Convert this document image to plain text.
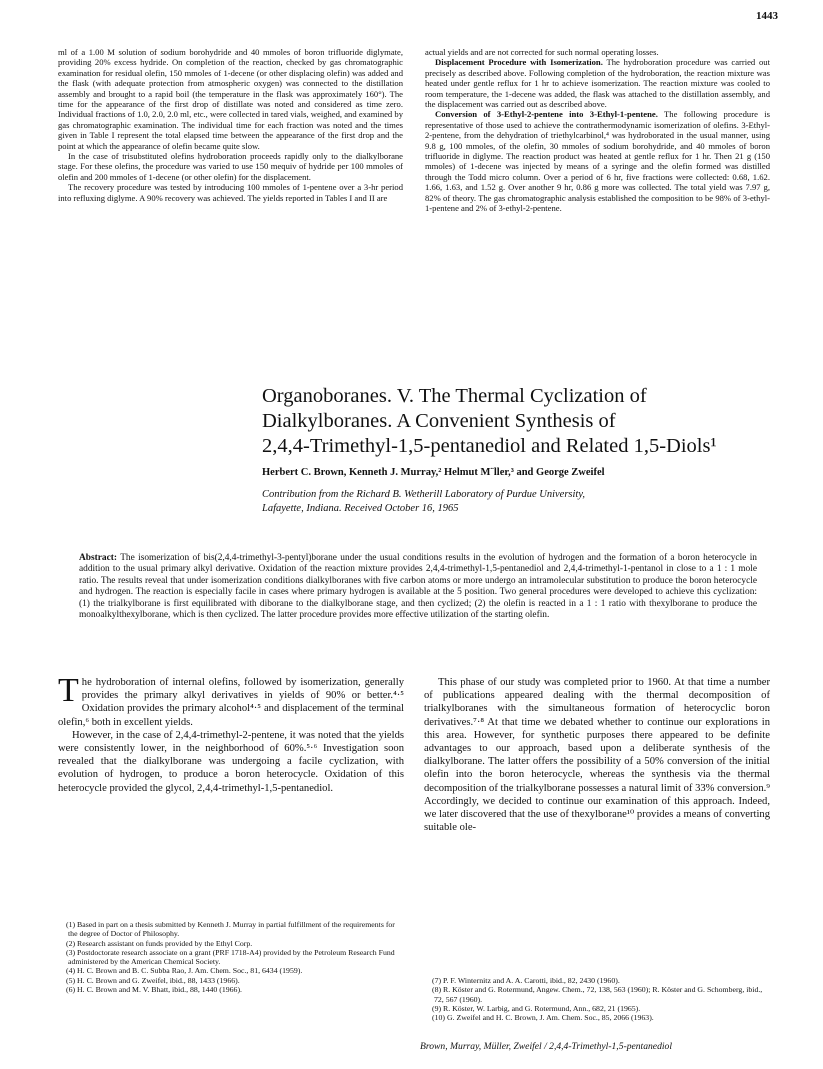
1443

ml of a 1.00 M solution of sodium borohydride and 40 mmoles of boron trifluoride diglymate, providing 20% excess hydride. On completion of the reaction, checked by gas chromatographic examination for residual olefin, 150 mmoles of 1-decene (or other displacing olefin) was added and the flask (with adequate protection from atmospheric oxygen) was connected to the distillation assembly and brought to a rapid boil (the temperature in the flask was approximately 160°). The time for the appearance of the first drop of distillate was noted and considered as time zero. Individual fractions of 1.0, 2.0, 2.0 ml, etc., were collected in tared vials, weighed, and examined by gas chromatographic examination. The individual time for each fraction was noted and the times given in Table I represent the total elapsed time between the appearance of the first drop and the point at which the appearance of olefin became quite slow.

In the case of trisubstituted olefins hydroboration proceeds rapidly only to the dialkylborane stage. For these olefins, the procedure was varied to use 150 mequiv of hydride per 100 mmoles of olefin and 200 mmoles of 1-decene (or other olefin) for the displacement.

The recovery procedure was tested by introducing 100 mmoles of 1-pentene over a 3-hr period into refluxing diglyme. A 90% recovery was achieved. The yields reported in Tables I and II are

actual yields and are not corrected for such normal operating losses.

Displacement Procedure with Isomerization. The hydroboration procedure was carried out precisely as described above. Following completion of the hydroboration, the reaction mixture was heated under gentle reflux for 1 hr to achieve isomerization. The reaction mixture was cooled to room temperature, the 1-decene was added, the flask was attached to the distillation assembly, and the displacement was carried out as described above.

Conversion of 3-Ethyl-2-pentene into 3-Ethyl-1-pentene. The following procedure is representative of those used to achieve the contrathermodynamic isomerization of olefins. 3-Ethyl-2-pentene, from the dehydration of triethylcarbinol,⁴ was hydroborated in the usual manner, using 9.8 g, 100 mmoles, of the olefin, 30 mmoles of sodium borohydride, and 40 mmoles of boron trifluoride in diglyme. The reaction product was heated at gentle reflux for 1 hr. Then 21 g (150 mmoles) of 1-decene was injected by means of a syringe and the olefin formed was distilled through the Todd micro column. Over a period of 6 hr, five fractions were collected: 0.68, 1.62. 1.66, 1.63, and 1.52 g. Over another 9 hr, 0.86 g more was collected. The total yield was 7.97 g, 82% of theory. The gas chromatographic analysis established the composition to be 98% of 3-ethyl-1-pentene and 2% of 3-ethyl-2-pentene.

Organoboranes. V. The Thermal Cyclization of
Dialkylboranes. A Convenient Synthesis of
2,4,4-Trimethyl-1,5-pentanediol and Related 1,5-Diols¹
Herbert C. Brown, Kenneth J. Murray,² Helmut M¨ller,³ and George Zweifel
Contribution from the Richard B. Wetherill Laboratory of Purdue University,
Lafayette, Indiana. Received October 16, 1965
Abstract: The isomerization of bis(2,4,4-trimethyl-3-pentyl)borane under the usual conditions results in the evolution of hydrogen and the formation of a boron heterocycle in addition to the usual primary alkyl derivative. Oxidation of the reaction mixture provides 2,4,4-trimethyl-1,5-pentanediol and 2,4,4-trimethyl-1-pentanol in close to a 1 : 1 mole ratio. The results reveal that under isomerization conditions dialkylboranes with five carbon atoms or more undergo an intramolecular substitution to produce the boron heterocycle and hydrogen. The reaction is especially facile in cases where primary hydrogen is available at the 5 position. Two general procedures were developed to achieve this cyclization: (1) the trialkylborane is first equilibrated with diborane to the dialkylborane stage, and then cyclized; (2) the olefin is reacted in a 1 : 1 ratio with thexylborane to produce the monoalkylthexylborane, which is then cyclized. The latter procedure provides more effective utilization of the starting olefin.

The hydroboration of internal olefins, followed by isomerization, generally provides the primary alkyl derivatives in yields of 90% or better.⁴·⁵ Oxidation provides the primary alcohol⁴·⁵ and displacement of the terminal olefin,⁶ both in excellent yields.

However, in the case of 2,4,4-trimethyl-2-pentene, it was noted that the yields were consistently lower, in the neighborhood of 60%.⁵·⁶ Investigation soon revealed that the dialkylborane was undergoing a facile cyclization, with evolution of hydrogen, to produce a boron heterocycle. Oxidation of this heterocycle provided the glycol, 2,4,4-trimethyl-1,5-pentanediol.

This phase of our study was completed prior to 1960. At that time a number of publications appeared dealing with the thermal decomposition of trialkylboranes with the simultaneous formation of heterocyclic boron derivatives.⁷·⁸ At that time we debated whether to continue our explorations in this area. However, for synthetic purposes there appeared to be definite advantages to our approach, based upon a deliberate synthesis of the dialkylborane. The latter offers the possibility of a 50% conversion of the initial olefin into the boron heterocycle, whereas the synthesis via the thermal decomposition of the trialkylborane possesses a natural limit of 33% conversion.⁹ Accordingly, we decided to continue our examination of this approach. Indeed, we later discovered that the use of thexylborane¹⁰ provides a means of converting suitable ole-

(1) Based in part on a thesis submitted by Kenneth J. Murray in partial fulfillment of the requirements for the degree of Doctor of Philosophy.
(2) Research assistant on funds provided by the Ethyl Corp.
(3) Postdoctorate research associate on a grant (PRF 1718-A4) provided by the Petroleum Research Fund administered by the American Chemical Society.
(4) H. C. Brown and B. C. Subba Rao, J. Am. Chem. Soc., 81, 6434 (1959).
(5) H. C. Brown and G. Zweifel, ibid., 88, 1433 (1966).
(6) H. C. Brown and M. V. Bhatt, ibid., 88, 1440 (1966).
(7) P. F. Winternitz and A. A. Carotti, ibid., 82, 2430 (1960).
(8) R. Köster and G. Rotermund, Angew. Chem., 72, 138, 563 (1960); R. Köster and G. Schomberg, ibid., 72, 567 (1960).
(9) R. Köster, W. Larbig, and G. Rotermund, Ann., 682, 21 (1965).
(10) G. Zweifel and H. C. Brown, J. Am. Chem. Soc., 85, 2066 (1963).
Brown, Murray, Müller, Zweifel / 2,4,4-Trimethyl-1,5-pentanediol
